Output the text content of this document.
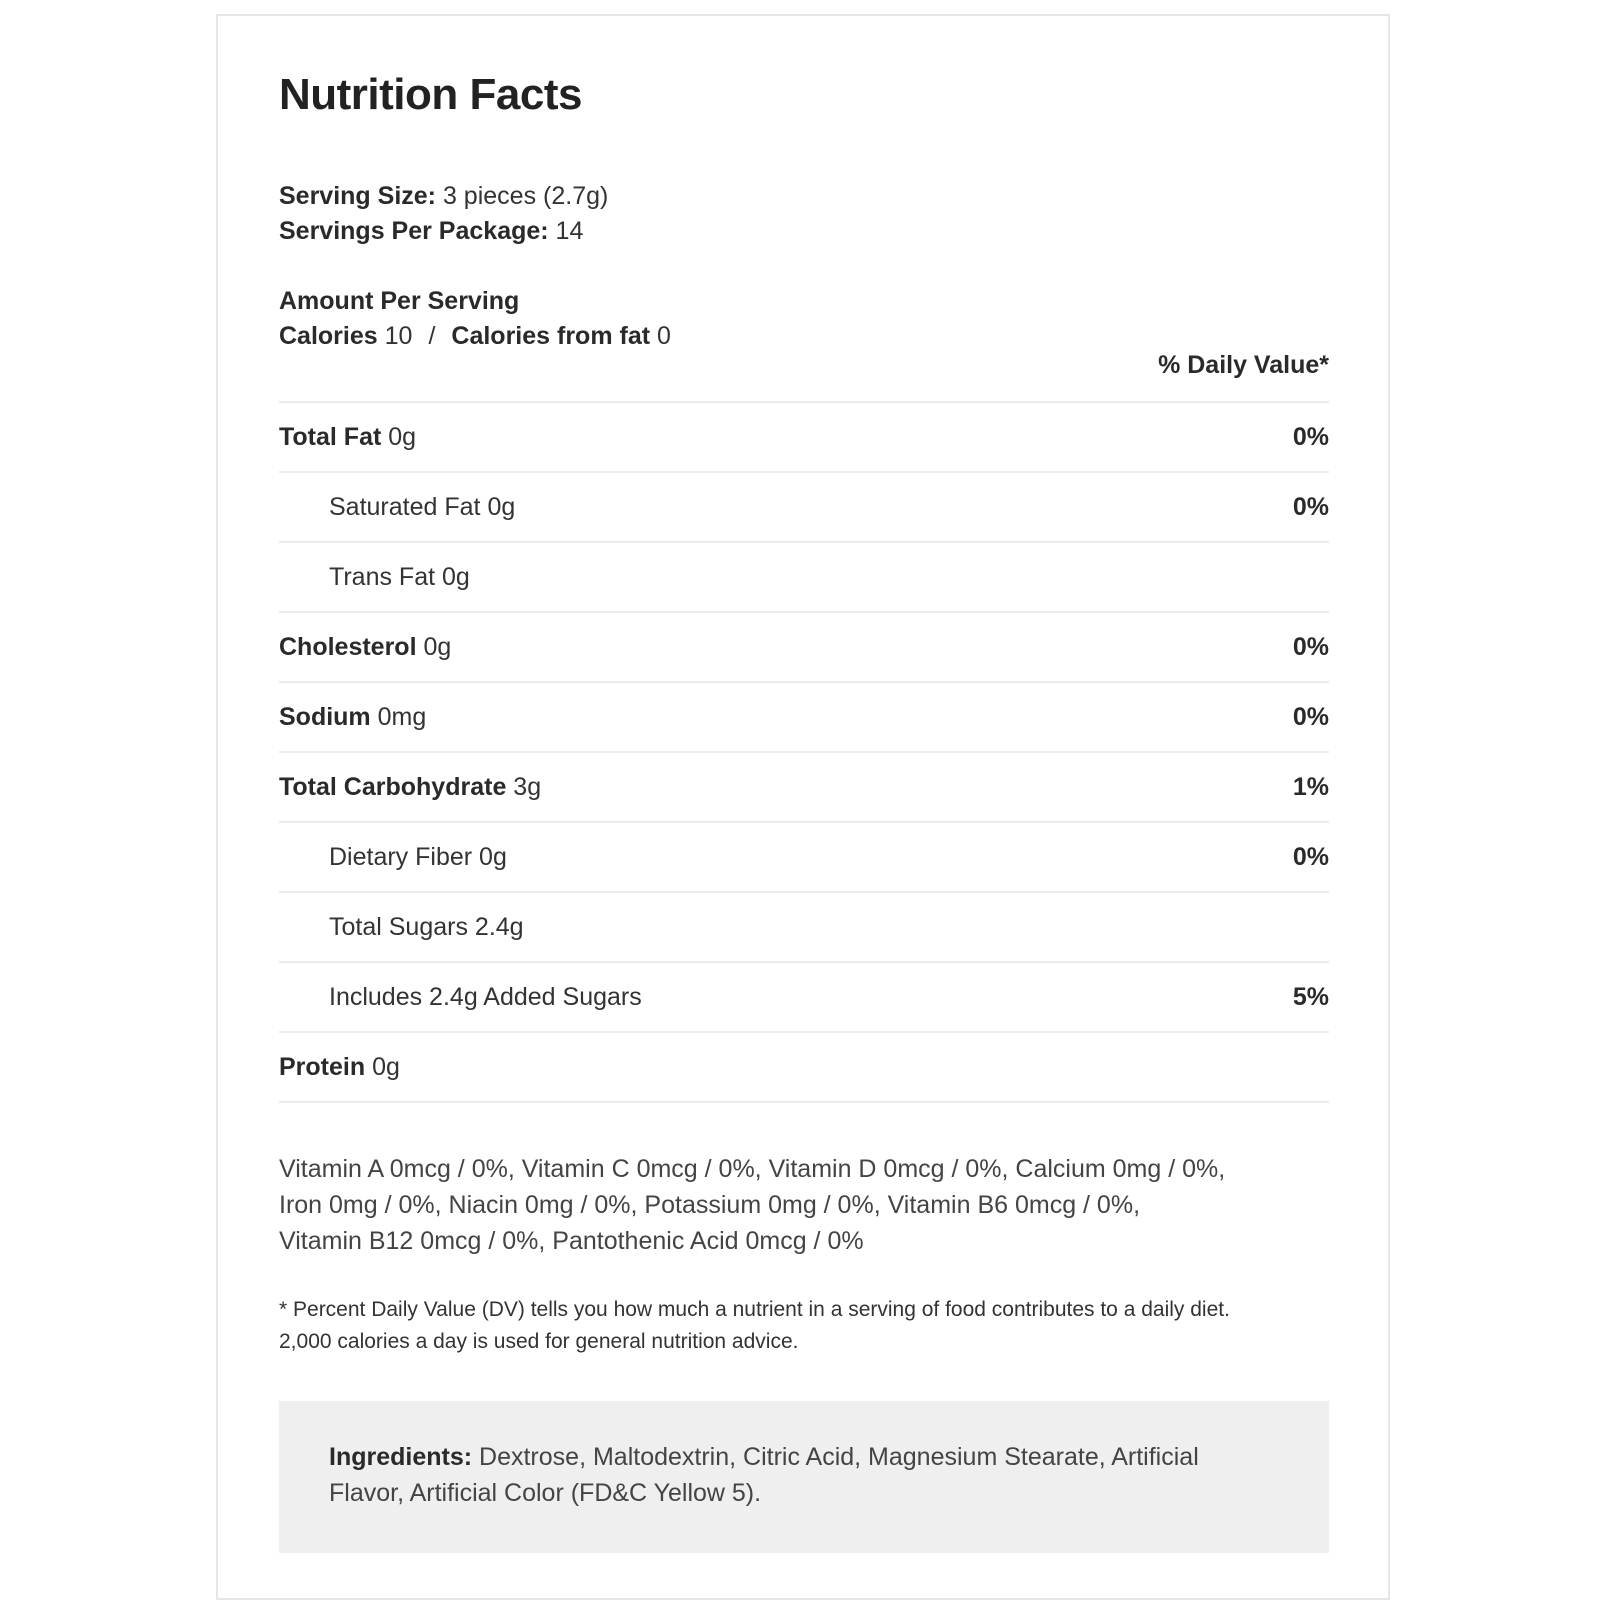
Nutrition Facts
Serving Size: 3 pieces (2.7g)
Servings Per Package: 14
Amount Per Serving
Calories 10 / Calories from fat 0
% Daily Value*
Total Fat 0g	0%
Saturated Fat 0g	0%
Trans Fat 0g
Cholesterol 0g	0%
Sodium 0mg	0%
Total Carbohydrate 3g	1%
Dietary Fiber 0g	0%
Total Sugars 2.4g
Includes 2.4g Added Sugars	5%
Protein 0g
Vitamin A 0mcg / 0%, Vitamin C 0mcg / 0%, Vitamin D 0mcg / 0%, Calcium 0mg / 0%,
Iron 0mg / 0%, Niacin 0mg / 0%, Potassium 0mg / 0%, Vitamin B6 0mcg / 0%,
Vitamin B12 0mcg / 0%, Pantothenic Acid 0mcg / 0%
* Percent Daily Value (DV) tells you how much a nutrient in a serving of food contributes to a daily diet.
2,000 calories a day is used for general nutrition advice.
Ingredients: Dextrose, Maltodextrin, Citric Acid, Magnesium Stearate, Artificial
Flavor, Artificial Color (FD&C Yellow 5).
